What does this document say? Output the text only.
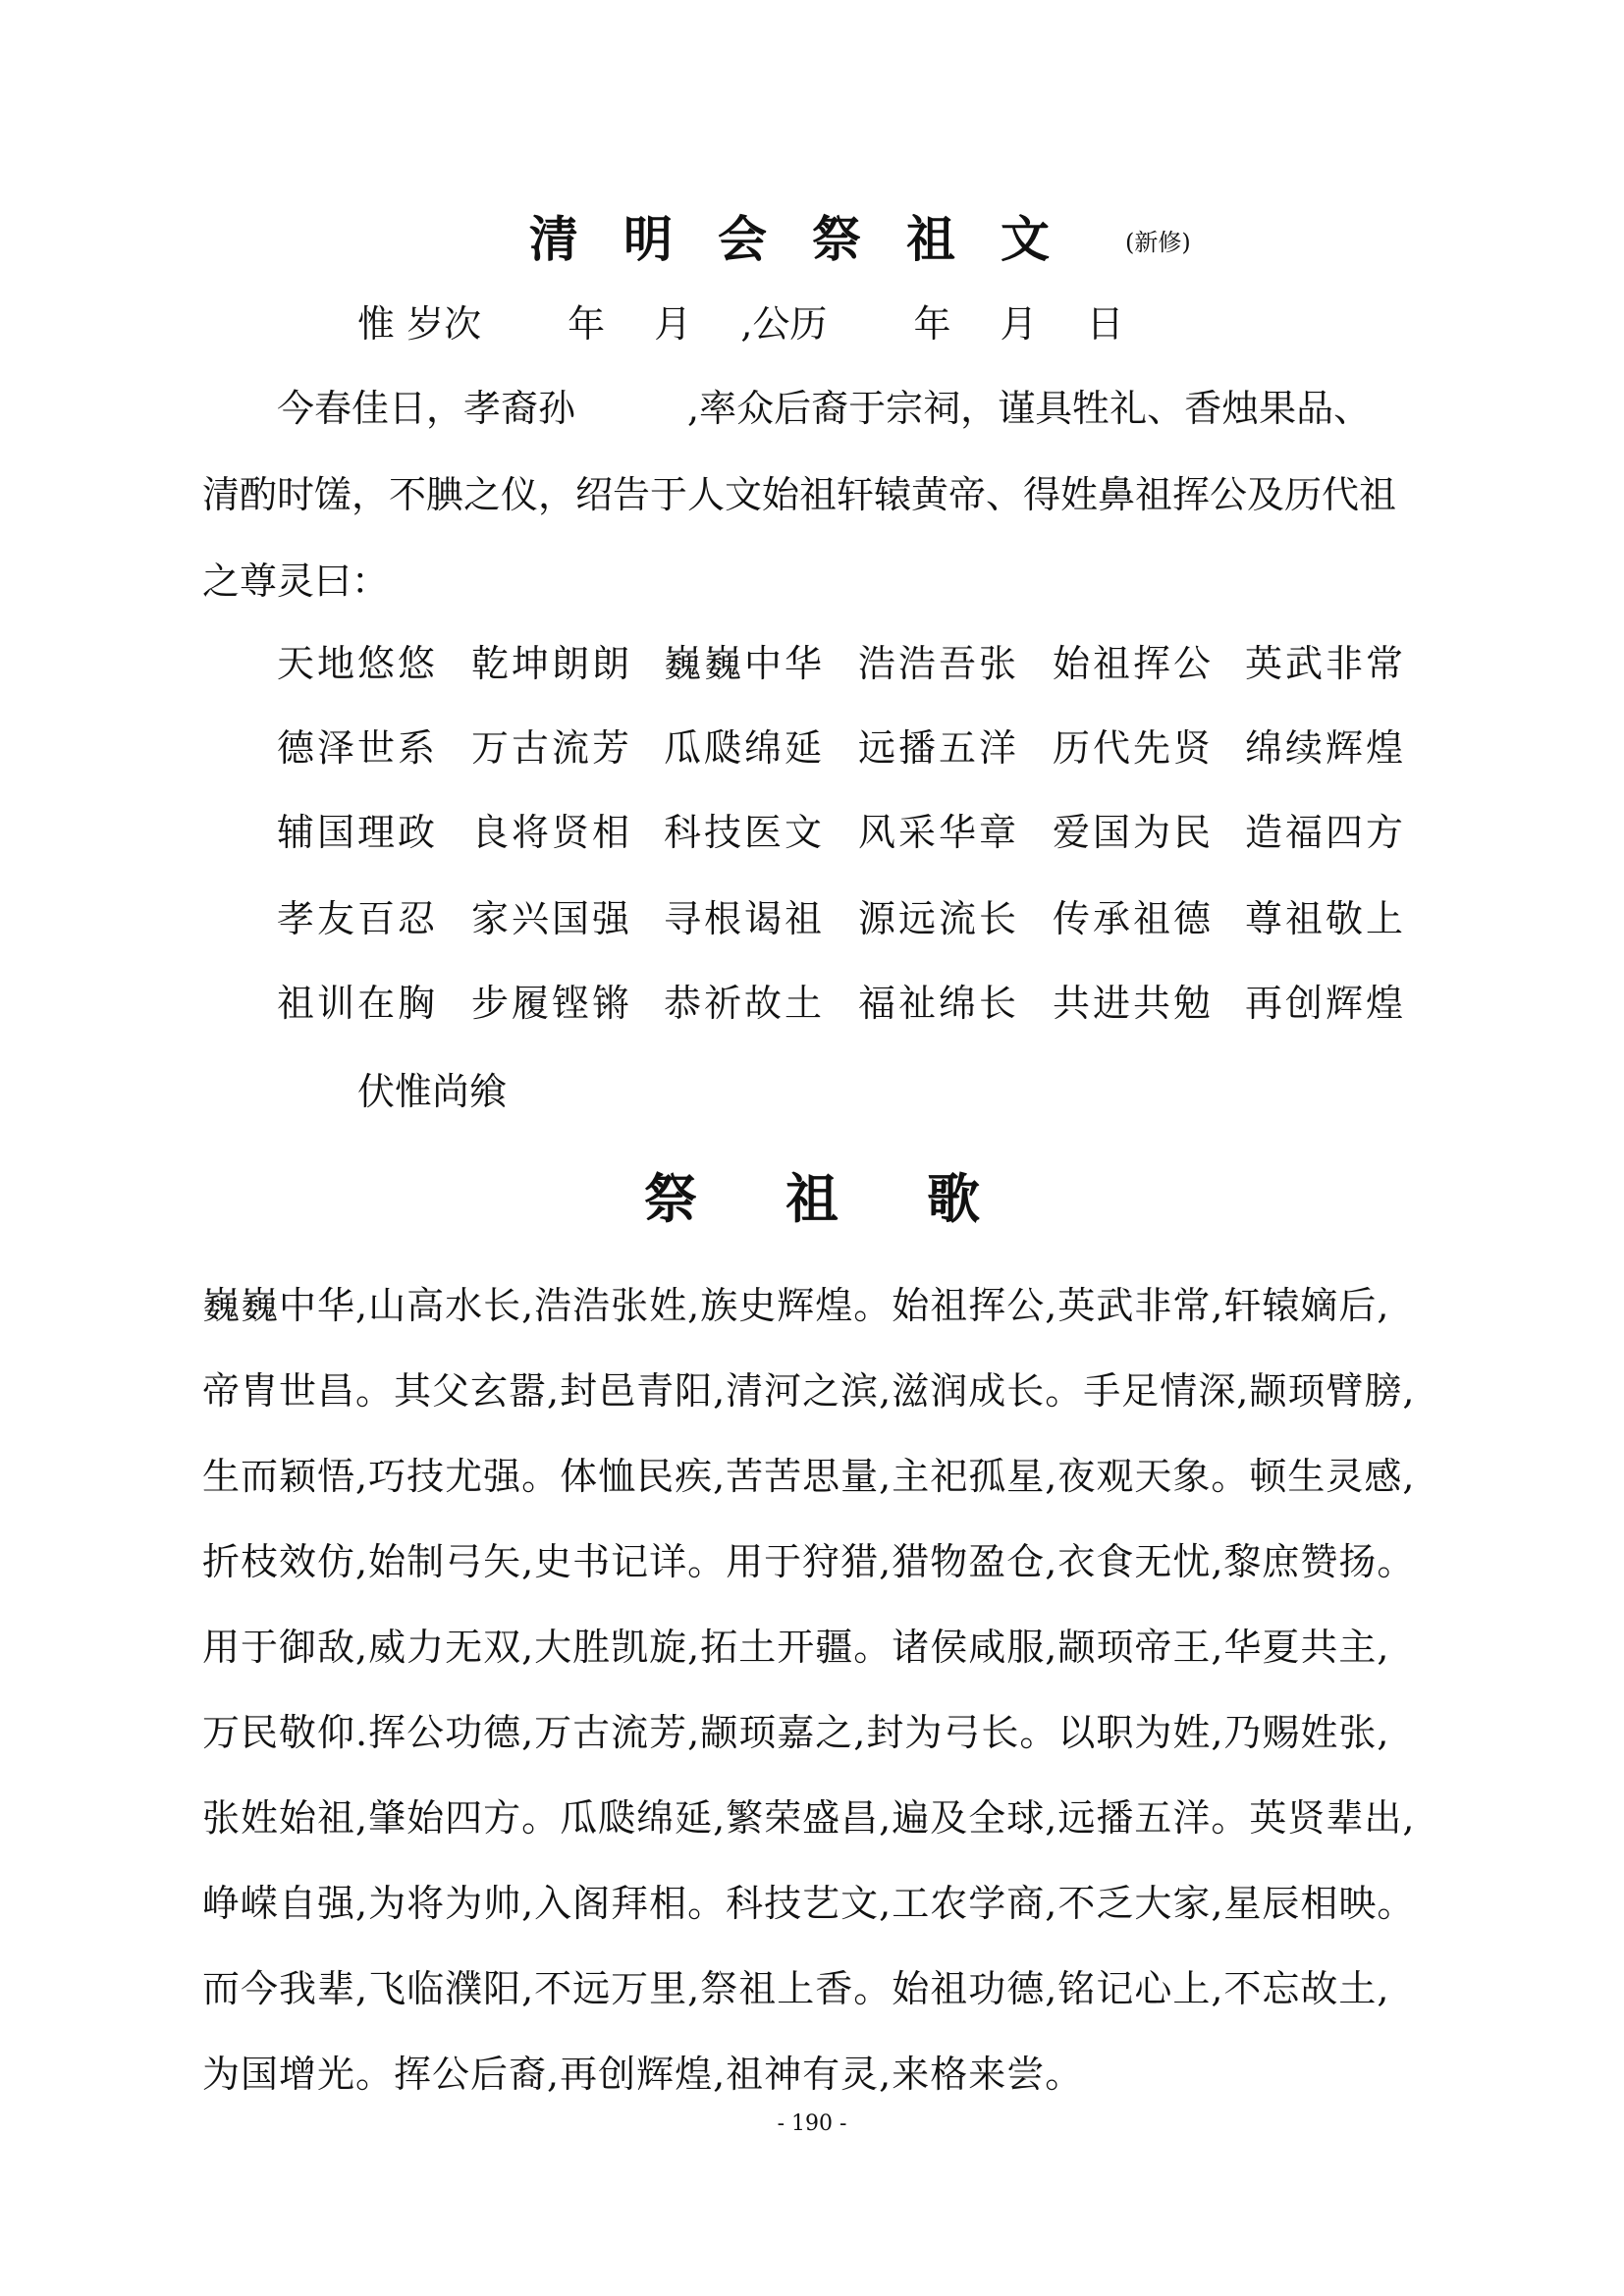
清明会祭祖文	(新修)
惟 岁次　　 年　 月　 ,公历　　 年　 月　 日
今春佳日，孝裔孙　　　,率众后裔于宗祠，谨具牲礼、香烛果品、
清酌时馐，不腆之仪，绍告于人文始祖轩辕黄帝、得姓鼻祖挥公及历代祖
之尊灵曰：
天地悠悠 乾坤朗朗 巍巍中华 浩浩吾张 始祖挥公 英武非常
德泽世系 万古流芳 瓜瓞绵延 远播五洋 历代先贤 绵续辉煌
辅国理政 良将贤相 科技医文 风采华章 爱国为民 造福四方
孝友百忍 家兴国强 寻根谒祖 源远流长 传承祖德 尊祖敬上
祖训在胸 步履铿锵 恭祈故土 福祉绵长 共进共勉 再创辉煌
伏惟尚飨
祭祖歌
巍巍中华,山高水长,浩浩张姓,族史辉煌。始祖挥公,英武非常,轩辕嫡后,
帝胄世昌。其父玄嚣,封邑青阳,清河之滨,滋润成长。手足情深,颛顼臂膀,
生而颖悟,巧技尤强。体恤民疾,苦苦思量,主祀孤星,夜观天象。顿生灵感,
折枝效仿,始制弓矢,史书记详。用于狩猎,猎物盈仓,衣食无忧,黎庶赞扬。
用于御敌,威力无双,大胜凯旋,拓土开疆。诸侯咸服,颛顼帝王,华夏共主,
万民敬仰.挥公功德,万古流芳,颛顼嘉之,封为弓长。以职为姓,乃赐姓张,
张姓始祖,肇始四方。瓜瓞绵延,繁荣盛昌,遍及全球,远播五洋。英贤辈出,
峥嵘自强,为将为帅,入阁拜相。科技艺文,工农学商,不乏大家,星辰相映。
而今我辈,飞临濮阳,不远万里,祭祖上香。始祖功德,铭记心上,不忘故土,
为国增光。挥公后裔,再创辉煌,祖神有灵,来格来尝。
- 190 -
